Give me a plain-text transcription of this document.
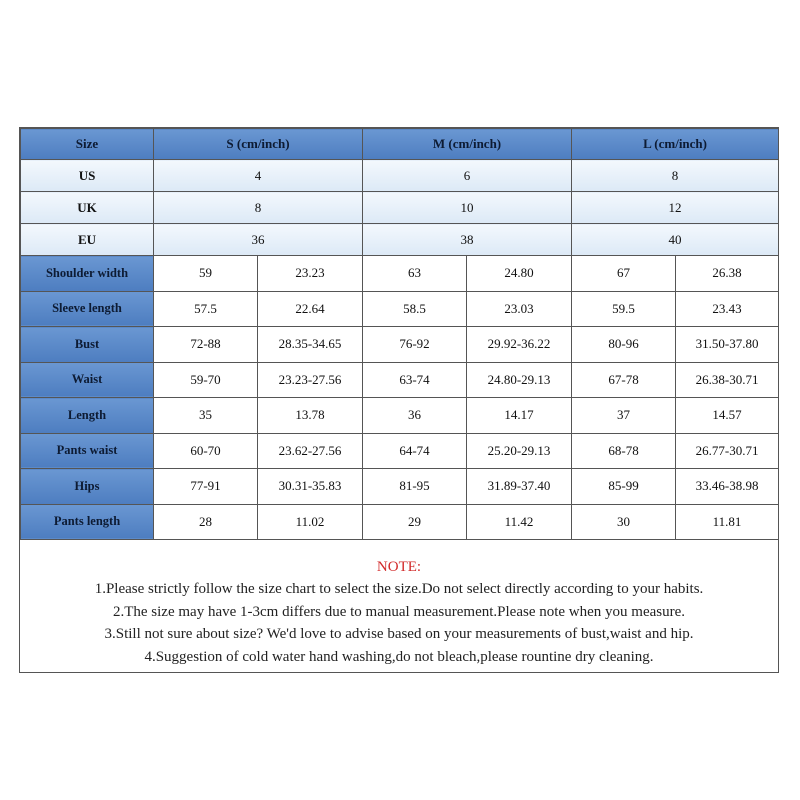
Size	S (cm/inch)		M (cm/inch)		L (cm/inch)	
US	4		6		8	
UK	8		10		12	
EU	36		38		40	
Shoulder width	59	23.23	63	24.80	67	26.38
Sleeve length	57.5	22.64	58.5	23.03	59.5	23.43
Bust	72-88	28.35-34.65	76-92	29.92-36.22	80-96	31.50-37.80
Waist	59-70	23.23-27.56	63-74	24.80-29.13	67-78	26.38-30.71
Length	35	13.78	36	14.17	37	14.57
Pants waist	60-70	23.62-27.56	64-74	25.20-29.13	68-78	26.77-30.71
Hips	77-91	30.31-35.83	81-95	31.89-37.40	85-99	33.46-38.98
Pants length	28	11.02	29	11.42	30	11.81
NOTE:
1.Please strictly follow the size chart to select the size.Do not select directly according to your habits.
2.The size may have 1-3cm differs due to manual measurement.Please note when you measure.
3.Still not sure about size? We'd love to advise based on your measurements of bust,waist and hip.
4.Suggestion of cold water hand washing,do not bleach,please rountine dry cleaning.
